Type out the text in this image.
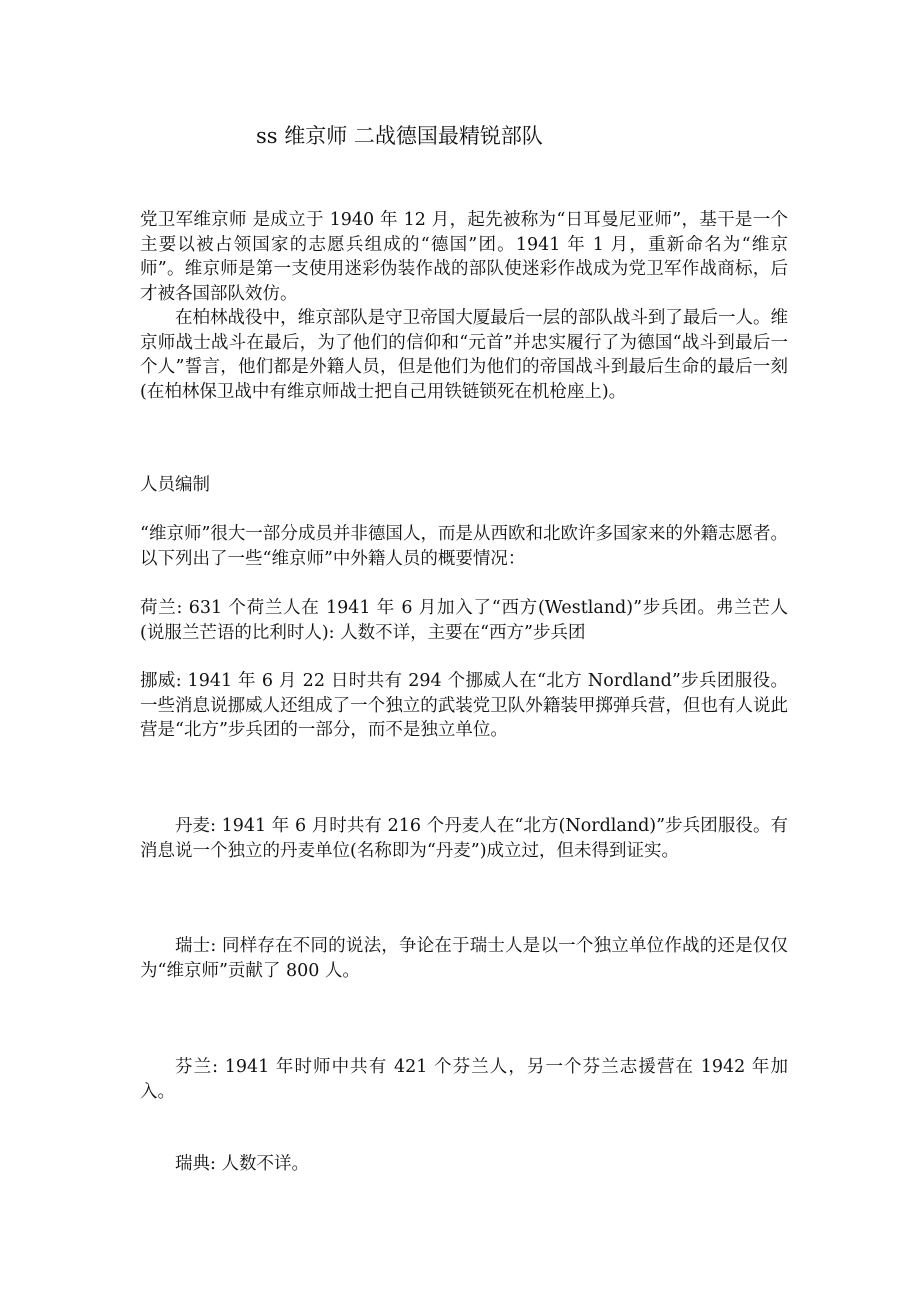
ss 维京师 二战德国最精锐部队

党卫军维京师 是成立于 1940 年 12 月，起先被称为“日耳曼尼亚师”，基干是一个主要以被占领国家的志愿兵组成的“德国”团。1941 年 1 月，重新命名为“维京师”。维京师是第一支使用迷彩伪装作战的部队使迷彩作战成为党卫军作战商标，后才被各国部队效仿。

在柏林战役中，维京部队是守卫帝国大厦最后一层的部队战斗到了最后一人。维京师战士战斗在最后，为了他们的信仰和“元首”并忠实履行了为德国“战斗到最后一个人”誓言，他们都是外籍人员，但是他们为他们的帝国战斗到最后生命的最后一刻(在柏林保卫战中有维京师战士把自己用铁链锁死在机枪座上)。

人员编制

“维京师”很大一部分成员并非德国人，而是从西欧和北欧许多国家来的外籍志愿者。以下列出了一些“维京师”中外籍人员的概要情况：

荷兰: 631 个荷兰人在 1941 年 6 月加入了“西方(Westland)”步兵团。弗兰芒人 (说服兰芒语的比利时人): 人数不详，主要在“西方”步兵团

挪威: 1941 年 6 月 22 日时共有 294 个挪威人在“北方 Nordland”步兵团服役。一些消息说挪威人还组成了一个独立的武装党卫队外籍装甲掷弹兵营，但也有人说此营是“北方”步兵团的一部分，而不是独立单位。

丹麦: 1941 年 6 月时共有 216 个丹麦人在“北方(Nordland)”步兵团服役。有消息说一个独立的丹麦单位(名称即为“丹麦”)成立过，但未得到证实。

瑞士: 同样存在不同的说法，争论在于瑞士人是以一个独立单位作战的还是仅仅为“维京师”贡献了 800 人。

芬兰: 1941 年时师中共有 421 个芬兰人，另一个芬兰志援营在 1942 年加入。

瑞典: 人数不详。
